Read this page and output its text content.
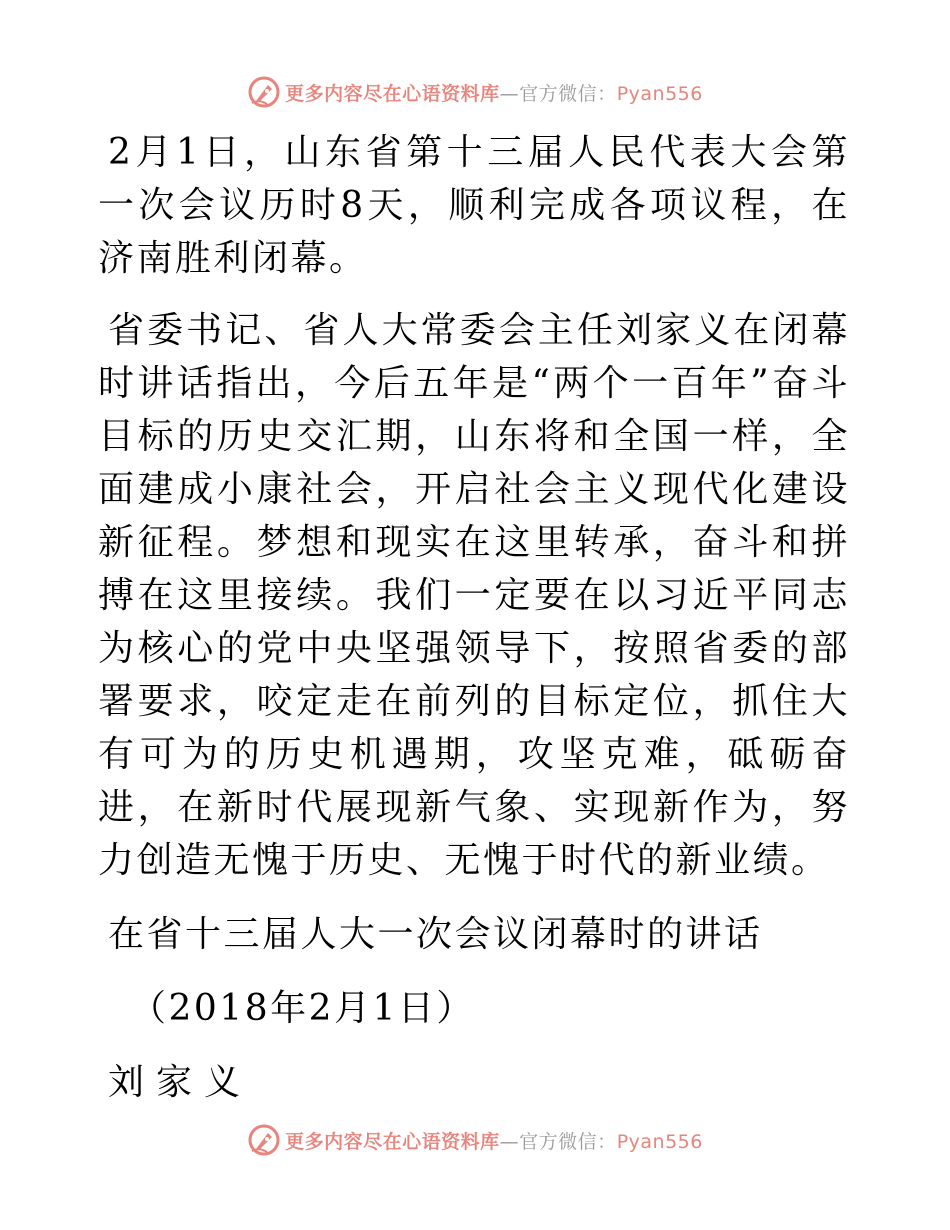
更多内容尽在心语资料库—官方微信：Pyan556

2月1日，山东省第十三届人民代表大会第一次会议历时8天，顺利完成各项议程，在济南胜利闭幕。

省委书记、省人大常委会主任刘家义在闭幕时讲话指出，今后五年是“两个一百年”奋斗目标的历史交汇期，山东将和全国一样，全面建成小康社会，开启社会主义现代化建设新征程。梦想和现实在这里转承，奋斗和拼搏在这里接续。我们一定要在以习近平同志为核心的党中央坚强领导下，按照省委的部署要求，咬定走在前列的目标定位，抓住大有可为的历史机遇期，攻坚克难，砥砺奋进，在新时代展现新气象、实现新作为，努力创造无愧于历史、无愧于时代的新业绩。

在省十三届人大一次会议闭幕时的讲话

（2018年2月1日）

刘家义

更多内容尽在心语资料库—官方微信：Pyan556
